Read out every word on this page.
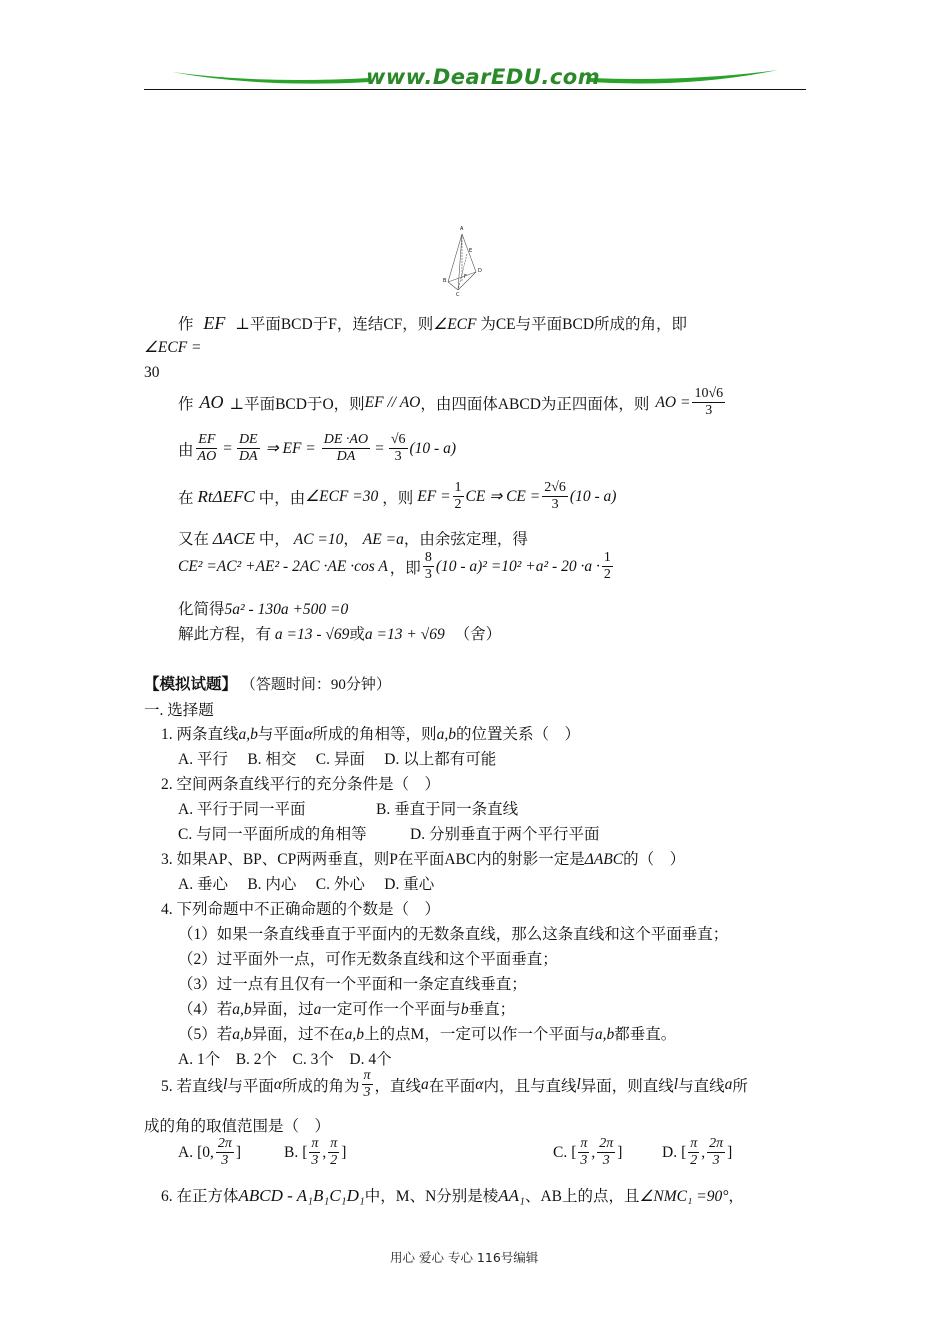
www.DearEDU.com
A
E
B
D
F
C
作 EF ⊥平面BCD于F，连结CF，则∠ECF 为CE与平面BCD所成的角，即
∠ECF =
30
作 AO ⊥平面BCD于O，则 EF // AO ，由四面体ABCD为正四面体，则 AO = $\frac{10√6}{3}$
由 $\frac{EF}{AO} = \frac{DE}{DA}$ ⇒ EF = $\frac{DE \cdot AO}{DA} = \frac{√6}{3} (10 - a)$
在 RtΔEFC 中，由 ∠ECF =30 ，则 EF = $\frac{1}{2}$ CE ⇒ CE = $\frac{2√6}{3} (10 - a)$
又在 ΔACE 中， AC =10， AE =a，由余弦定理，得
CE² =AC² +AE² - 2AC ·AE ·cos A ，即 $\frac{8}{3} (10 - a)^2 =10^2 +a^2 - 20 \cdot a \cdot \frac{1}{2}$
化简得5a² - 130a +500 =0
解此方程，有 a =13 - √69或a =13 + √69 （舍）
【模拟试题】 （答题时间：90分钟）
一. 选择题
1. 两条直线a,b与平面α所成的角相等，则a,b的位置关系（　）
A. 平行　 B. 相交　 C. 异面　 D. 以上都有可能
2. 空间两条直线平行的充分条件是（　）
A. 平行于同一平面	B. 垂直于同一条直线
C. 与同一平面所成的角相等	D. 分别垂直于两个平行平面
3. 如果AP、BP、CP两两垂直，则P在平面ABC内的射影一定是ΔABC的（　）
A. 垂心　 B. 内心　 C. 外心　 D. 重心
4. 下列命题中不正确命题的个数是（　）
（1）如果一条直线垂直于平面内的无数条直线，那么这条直线和这个平面垂直；
（2）过平面外一点，可作无数条直线和这个平面垂直；
（3）过一点有且仅有一个平面和一条定直线垂直；
（4）若a,b异面，过a一定可作一个平面与b垂直；
（5）若a,b异面，过不在a,b上的点M，一定可以作一个平面与a,b都垂直。
A. 1个　B. 2个　C. 3个　D. 4个
5. 若直线 l 与平面 α 所成的角为 $\frac{\pi}{3}$ ，直线 a 在平面 α 内，且与直线 l 异面，则直线 l 与直线 a 所
成的角的取值范围是（　）
A. [0, $\frac{2\pi}{3}$ ]	B. [ $\frac{\pi}{3}$ , $\frac{\pi}{2}$ ]	C. [ $\frac{\pi}{3}$ , $\frac{2\pi}{3}$ ]	D. [ $\frac{\pi}{2}$ , $\frac{2\pi}{3}$ ]
6. 在正方体ABCD - A₁B₁C₁D₁中，M、N分别是棱AA₁、AB上的点，且∠NMC₁ =90°，
用心 爱心 专心 116号编辑
